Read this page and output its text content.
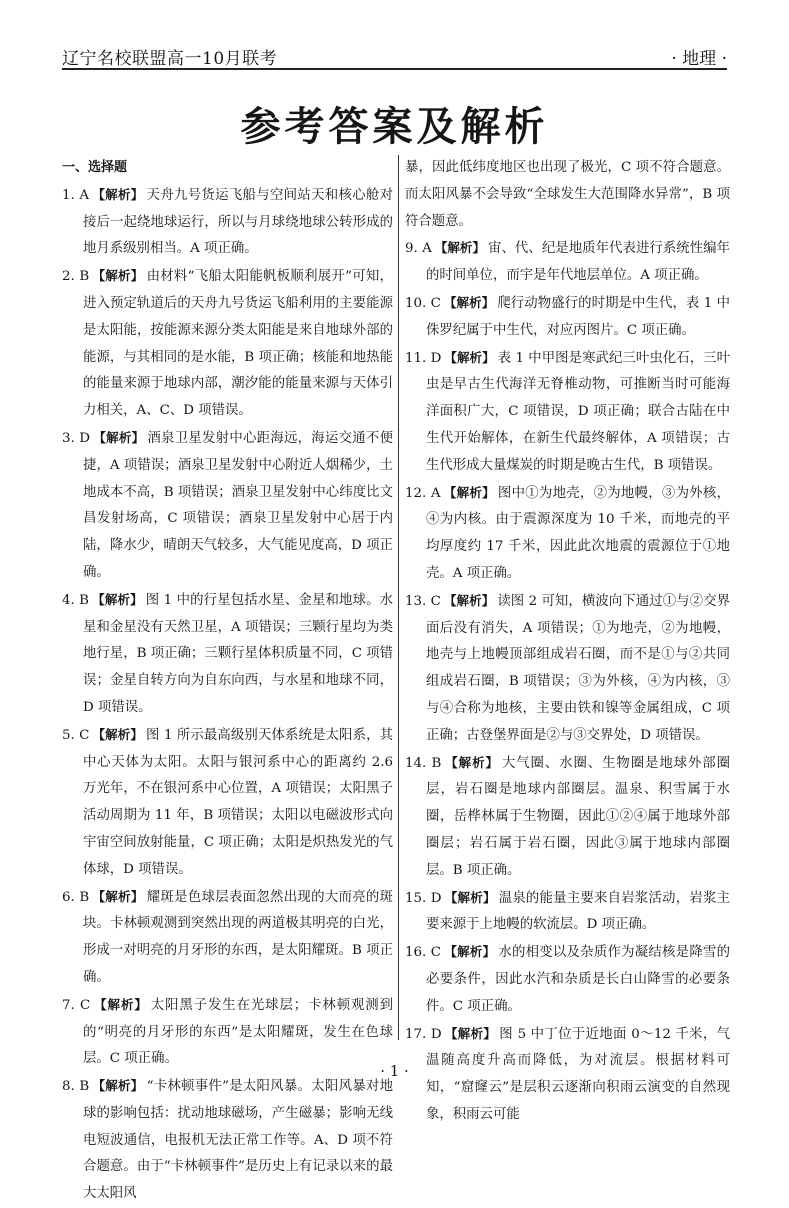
辽宁名校联盟高一10月联考	· 地理 ·
参考答案及解析
一、选择题
1. A 【解析】 天舟九号货运飞船与空间站天和核心舱对接后一起绕地球运行，所以与月球绕地球公转形成的地月系级别相当。A 项正确。
2. B 【解析】 由材料“飞船太阳能帆板顺利展开”可知，进入预定轨道后的天舟九号货运飞船利用的主要能源是太阳能，按能源来源分类太阳能是来自地球外部的能源，与其相同的是水能，B 项正确；核能和地热能的能量来源于地球内部，潮汐能的能量来源与天体引力相关，A、C、D 项错误。
3. D 【解析】 酒泉卫星发射中心距海远，海运交通不便捷，A 项错误；酒泉卫星发射中心附近人烟稀少，土地成本不高，B 项错误；酒泉卫星发射中心纬度比文昌发射场高，C 项错误；酒泉卫星发射中心居于内陆，降水少，晴朗天气较多，大气能见度高，D 项正确。
4. B 【解析】 图 1 中的行星包括水星、金星和地球。水星和金星没有天然卫星，A 项错误；三颗行星均为类地行星，B 项正确；三颗行星体积质量不同，C 项错误；金星自转方向为自东向西，与水星和地球不同，D 项错误。
5. C 【解析】 图 1 所示最高级别天体系统是太阳系，其中心天体为太阳。太阳与银河系中心的距离约 2.6 万光年，不在银河系中心位置，A 项错误；太阳黑子活动周期为 11 年，B 项错误；太阳以电磁波形式向宇宙空间放射能量，C 项正确；太阳是炽热发光的气体球，D 项错误。
6. B 【解析】 耀斑是色球层表面忽然出现的大而亮的斑块。卡林顿观测到突然出现的两道极其明亮的白光，形成一对明亮的月牙形的东西，是太阳耀斑。B 项正确。
7. C 【解析】 太阳黑子发生在光球层；卡林顿观测到的“明亮的月牙形的东西”是太阳耀斑，发生在色球层。C 项正确。
8. B 【解析】 “卡林顿事件”是太阳风暴。太阳风暴对地球的影响包括：扰动地球磁场，产生磁暴；影响无线电短波通信，电报机无法正常工作等。A、D 项不符合题意。由于“卡林顿事件”是历史上有记录以来的最大太阳风
暴，因此低纬度地区也出现了极光，C 项不符合题意。而太阳风暴不会导致“全球发生大范围降水异常”，B 项符合题意。
9. A 【解析】 宙、代、纪是地质年代表进行系统性编年的时间单位，而宇是年代地层单位。A 项正确。
10. C 【解析】 爬行动物盛行的时期是中生代，表 1 中侏罗纪属于中生代，对应丙图片。C 项正确。
11. D 【解析】 表 1 中甲图是寒武纪三叶虫化石，三叶虫是早古生代海洋无脊椎动物，可推断当时可能海洋面积广大，C 项错误，D 项正确；联合古陆在中生代开始解体，在新生代最终解体，A 项错误；古生代形成大量煤炭的时期是晚古生代，B 项错误。
12. A 【解析】 图中①为地壳，②为地幔，③为外核，④为内核。由于震源深度为 10 千米，而地壳的平均厚度约 17 千米，因此此次地震的震源位于①地壳。A 项正确。
13. C 【解析】 读图 2 可知，横波向下通过①与②交界面后没有消失，A 项错误；①为地壳，②为地幔，地壳与上地幔顶部组成岩石圈，而不是①与②共同组成岩石圈，B 项错误；③为外核，④为内核，③与④合称为地核，主要由铁和镍等金属组成，C 项正确；古登堡界面是②与③交界处，D 项错误。
14. B 【解析】 大气圈、水圈、生物圈是地球外部圈层，岩石圈是地球内部圈层。温泉、积雪属于水圈，岳桦林属于生物圈，因此①②④属于地球外部圈层；岩石属于岩石圈，因此③属于地球内部圈层。B 项正确。
15. D 【解析】 温泉的能量主要来自岩浆活动，岩浆主要来源于上地幔的软流层。D 项正确。
16. C 【解析】 水的相变以及杂质作为凝结核是降雪的必要条件，因此水汽和杂质是长白山降雪的必要条件。C 项正确。
17. D 【解析】 图 5 中丁位于近地面 0～12 千米，气温随高度升高而降低，为对流层。根据材料可知，“窟窿云”是层积云逐渐向积雨云演变的自然现象，积雨云可能
· 1 ·
